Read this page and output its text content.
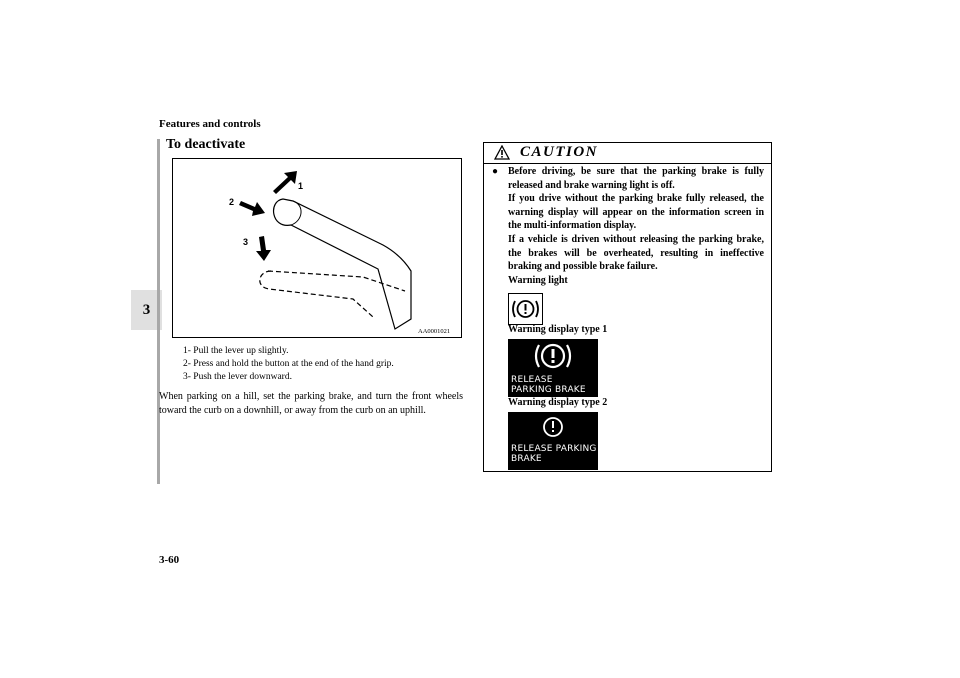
Features and controls
3
To deactivate
1
2
3
AA0001021
1- Pull the lever up slightly.
2- Press and hold the button at the end of the hand grip.
3- Push the lever downward.

When parking on a hill, set the parking brake, and turn the front wheels toward the curb on a downhill, or away from the curb on an uphill.

CAUTION
● Before driving, be sure that the parking brake is fully released and brake warning light is off.

If you drive without the parking brake fully released, the warning display will appear on the information screen in the multi-information display.

If a vehicle is driven without releasing the parking brake, the brakes will be overheated, resulting in ineffective braking and possible brake failure.

Warning light
Warning display type 1
RELEASE
PARKING BRAKE
Warning display type 2
RELEASE PARKING
BRAKE
3-60
